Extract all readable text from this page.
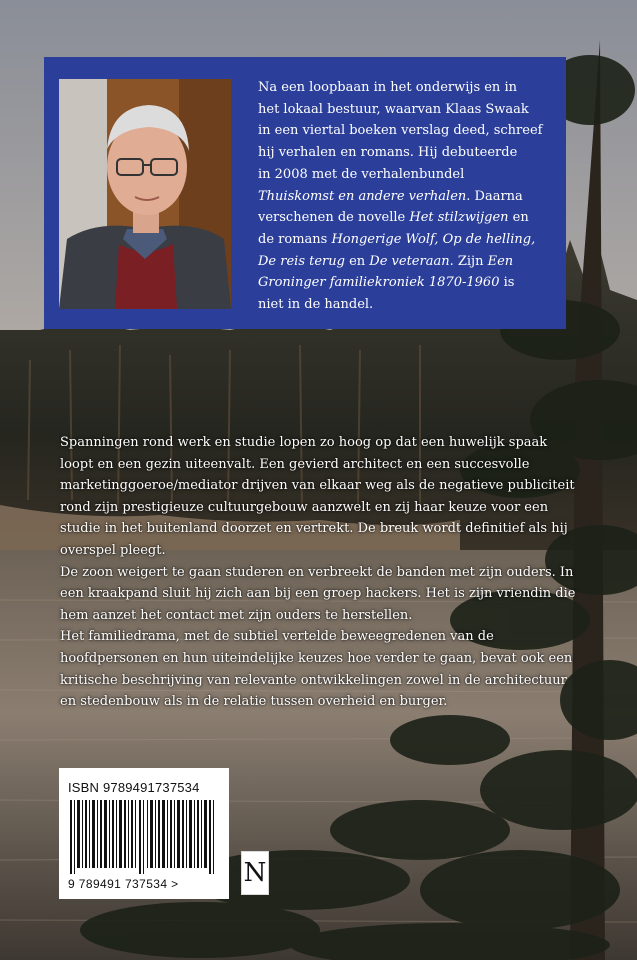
Na een loopbaan in het onderwijs en in
het lokaal bestuur, waarvan Klaas Swaak
in een viertal boeken verslag deed, schreef
hij verhalen en romans. Hij debuteerde
in 2008 met de verhalenbundel
Thuiskomst en andere verhalen. Daarna
verschenen de novelle Het stilzwijgen en
de romans Hongerige Wolf, Op de helling,
De reis terug en De veteraan. Zijn Een
Groninger familiekroniek 1870-1960 is
niet in de handel.

Spanningen rond werk en studie lopen zo hoog op dat een huwelijk spaak loopt en een gezin uiteenvalt. Een gevierd architect en een succesvolle marketinggoeroe/mediator drijven van elkaar weg als de negatieve publiciteit rond zijn prestigieuze cultuurgebouw aanzwelt en zij haar keuze voor een studie in het buitenland doorzet en vertrekt. De breuk wordt definitief als hij overspel pleegt.

De zoon weigert te gaan studeren en verbreekt de banden met zijn ouders. In een kraakpand sluit hij zich aan bij een groep hackers. Het is zijn vriendin die hem aanzet het contact met zijn ouders te herstellen.

Het familiedrama, met de subtiel vertelde beweegredenen van de hoofdpersonen en hun uiteindelijke keuzes hoe verder te gaan, bevat ook een kritische beschrijving van relevante ontwikkelingen zowel in de architectuur en stedenbouw als in de relatie tussen overheid en burger.

ISBN 9789491737534
9 789491 737534 >	N
